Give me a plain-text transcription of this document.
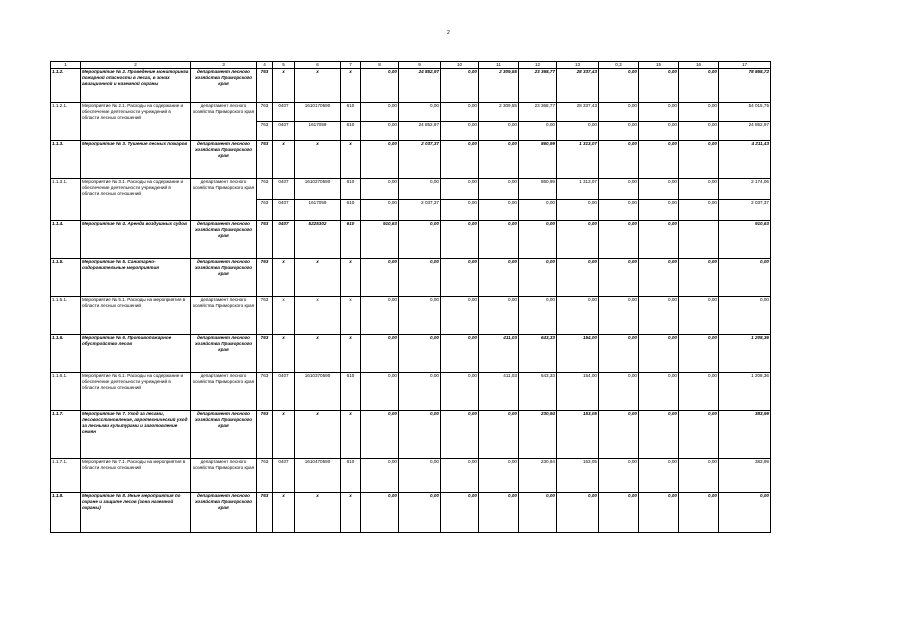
2
1	2	3	4	5	6	7	8	9	10	11	12	13	0,3	15	16	17
1.1.2.	Мероприятие № 2. Проведение мониторинга пожарной опасности в лесах, в зонах авиационной и наземной охраны	департамент лесного хозяйства Приморского края	763	х	х	х	0,00	24 852,97	0,00	2 309,55	23 368,77	28 337,43	0,00	0,00	0,00	78 868,72
1.1.2.1.	Мероприятие № 2.1. Расходы на содержание и обеспечение деятельности учреждений в области лесных отношений	департамент лесного хозяйства Приморского края	763	0407	1610170590	610	0,00	0,00	0,00	2 309,55	23 368,77	28 337,43	0,00	0,00	0,00	54 015,75
			763	0407	1617059	610	0,00	24 852,97	0,00	0,00	0,00	0,00	0,00	0,00	0,00	24 852,97
1.1.3.	Мероприятие № 3. Тушение лесных пожаров	департамент лесного хозяйства Приморского края	763	х	х	х	0,00	2 037,37	0,00	0,00	860,99	1 313,07	0,00	0,00	0,00	4 211,43
1.1.3.1.	Мероприятие № 3.1. Расходы на содержание и обеспечение деятельности учреждений в области лесных отношений	департамент лесного хозяйства Приморского края	763	0407	1610270590	610	0,00	0,00	0,00	0,00	860,99	1 313,07	0,00	0,00	0,00	2 174,06
			763	0407	1617059	610	0,00	2 037,37	0,00	0,00	0,00	0,00	0,00	0,00	0,00	2 037,37
1.1.4.	Мероприятие № 4. Аренда воздушных судов	департамент лесного хозяйства Приморского края	763	0407	5225302	610	910,63	0,00	0,00	0,00	0,00	0,00	0,00	0,00		910,63
1.1.5.	Мероприятие № 5. Санитарно-оздоровительные мероприятия	департамент лесного хозяйства Приморского края	763	х	х	х	0,00	0,00	0,00	0,00	0,00	0,00	0,00	0,00	0,00	0,00
1.1.5.1.	Мероприятие № 5.1. Расходы на мероприятия в области лесных отношений	департамент лесного хозяйства Приморского края	763	х	х	х	0,00	0,00	0,00	0,00	0,00	0,00	0,00	0,00	0,00	0,00
1.1.6.	Мероприятие № 6. Противопожарное обустройство лесов	департамент лесного хозяйства Приморского края	763	х	х	х	0,00	0,00	0,00	411,03	643,33	154,00	0,00	0,00	0,00	1 208,36
1.1.6.1.	Мероприятие № 6.1. Расходы на содержание и обеспечение деятельности учреждений в области лесных отношений	департамент лесного хозяйства Приморского края	763	0407	1610370590	610	0,00	0,00	0,00	411,03	643,33	154,00	0,00	0,00	0,00	1 208,36
1.1.7.	Мероприятие № 7. Уход за лесами, лесовосстановление, агротехнический уход за лесными культурами и заготовление семян	департамент лесного хозяйства Приморского края	763	х	х	х	0,00	0,00	0,00	0,00	230,94	153,05	0,00	0,00	0,00	383,99
1.1.7.1.	Мероприятие № 7.1. Расходы на мероприятия в области лесных отношений	департамент лесного хозяйства Приморского края	763	0407	1610470590	610	0,00	0,00	0,00	0,00	230,94	153,05	0,00	0,00	0,00	383,99
1.1.8.	Мероприятие № 8. Иные мероприятия по охране и защите лесов (зона наземной охраны)	департамент лесного хозяйства Приморского края	763	х	х	х	0,00	0,00	0,00	0,00	0,00	0,00	0,00	0,00	0,00	0,00
